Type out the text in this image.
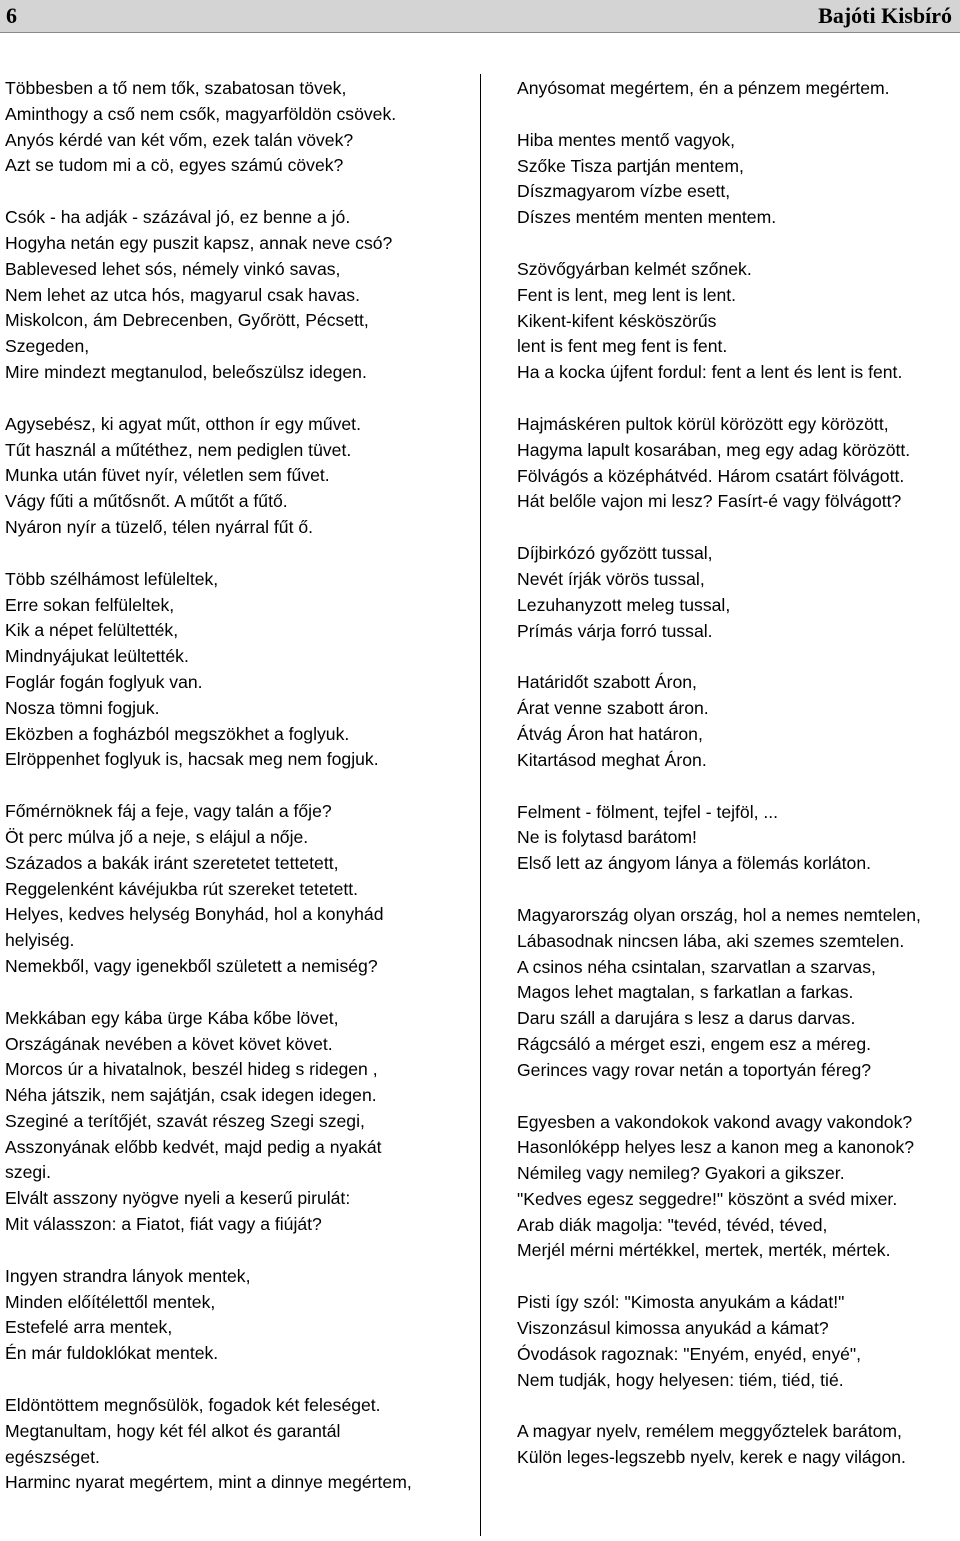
6	Bajóti Kisbíró
Többesben a tő nem tők, szabatosan tövek,
Aminthogy a cső nem csők, magyarföldön csövek.
Anyós kérdé van két vőm, ezek talán vövek?
Azt se tudom mi a cö, egyes számú cövek?
Csók - ha adják - százával jó, ez benne a jó.
Hogyha netán egy puszit kapsz, annak neve csó?
Bablevesed lehet sós, némely vinkó savas,
Nem lehet az utca hós, magyarul csak havas.
Miskolcon, ám Debrecenben, Győrött, Pécsett,
Szegeden,
Mire mindezt megtanulod, beleőszülsz idegen.
Agysebész, ki agyat műt, otthon ír egy művet.
Tűt használ a műtéthez, nem pediglen tüvet.
Munka után füvet nyír, véletlen sem fűvet.
Vágy fűti a műtősnőt. A műtőt a fűtő.
Nyáron nyír a tüzelő, télen nyárral fűt ő.
Több szélhámost lefüleltek,
Erre sokan felfüleltek,
Kik a népet felültették,
Mindnyájukat leültették.
Foglár fogán foglyuk van.
Nosza tömni fogjuk.
Eközben a fogházból megszökhet a foglyuk.
Elröppenhet foglyuk is, hacsak meg nem fogjuk.
Főmérnöknek fáj a feje, vagy talán a fője?
Öt perc múlva jő a neje, s elájul a nője.
Százados a bakák iránt szeretetet tettetett,
Reggelenként kávéjukba rút szereket tetetett.
Helyes, kedves helység Bonyhád, hol a konyhád
helyiség.
Nemekből, vagy igenekből született a nemiség?
Mekkában egy kába ürge Kába kőbe lövet,
Országának nevében a követ követ követ.
Morcos úr a hivatalnok, beszél hideg s ridegen ,
Néha játszik, nem sajátján, csak idegen idegen.
Szeginé a terítőjét, szavát részeg Szegi szegi,
Asszonyának előbb kedvét, majd pedig a nyakát
szegi.
Elvált asszony nyögve nyeli a keserű pirulát:
Mit válasszon: a Fiatot, fiát vagy a fiúját?
Ingyen strandra lányok mentek,
Minden előítélettől mentek,
Estefelé arra mentek,
Én már fuldoklókat mentek.
Eldöntöttem megnősülök, fogadok két feleséget.
Megtanultam, hogy két fél alkot és garantál
egészséget.
Harminc nyarat megértem, mint a dinnye megértem,
Anyósomat megértem, én a pénzem megértem.
Hiba mentes mentő vagyok,
Szőke Tisza partján mentem,
Díszmagyarom vízbe esett,
Díszes mentém menten mentem.
Szövőgyárban kelmét szőnek.
Fent is lent, meg lent is lent.
Kikent-kifent késköszörűs
lent is fent meg fent is fent.
Ha a kocka újfent fordul: fent a lent és lent is fent.
Hajmáskéren pultok körül körözött egy körözött,
Hagyma lapult kosarában, meg egy adag körözött.
Fölvágós a középhátvéd. Három csatárt fölvágott.
Hát belőle vajon mi lesz? Fasírt-é vagy fölvágott?
Díjbirkózó győzött tussal,
Nevét írják vörös tussal,
Lezuhanyzott meleg tussal,
Prímás várja forró tussal.
Határidőt szabott Áron,
Árat venne szabott áron.
Átvág Áron hat határon,
Kitartásod meghat Áron.
Felment - fölment, tejfel - tejföl, ...
Ne is folytasd barátom!
Első lett az ángyom lánya a fölemás korláton.
Magyarország olyan ország, hol a nemes nemtelen,
Lábasodnak nincsen lába, aki szemes szemtelen.
A csinos néha csintalan, szarvatlan a szarvas,
Magos lehet magtalan, s farkatlan a farkas.
Daru száll a darujára s lesz a darus darvas.
Rágcsáló a mérget eszi, engem esz a méreg.
Gerinces vagy rovar netán a toportyán féreg?
Egyesben a vakondokok vakond avagy vakondok?
Hasonlóképp helyes lesz a kanon meg a kanonok?
Némileg vagy nemileg? Gyakori a gikszer.
"Kedves egesz seggedre!" köszönt a svéd mixer.
Arab diák magolja: "tevéd, tévéd, téved,
Merjél mérni mértékkel, mertek, merték, mértek.
Pisti így szól: "Kimosta anyukám a kádat!"
Viszonzásul kimossa anyukád a kámat?
Óvodások ragoznak: "Enyém, enyéd, enyé",
Nem tudják, hogy helyesen: tiém, tiéd, tié.
A magyar nyelv, remélem meggyőztelek barátom,
Külön leges-legszebb nyelv, kerek e nagy világon.
